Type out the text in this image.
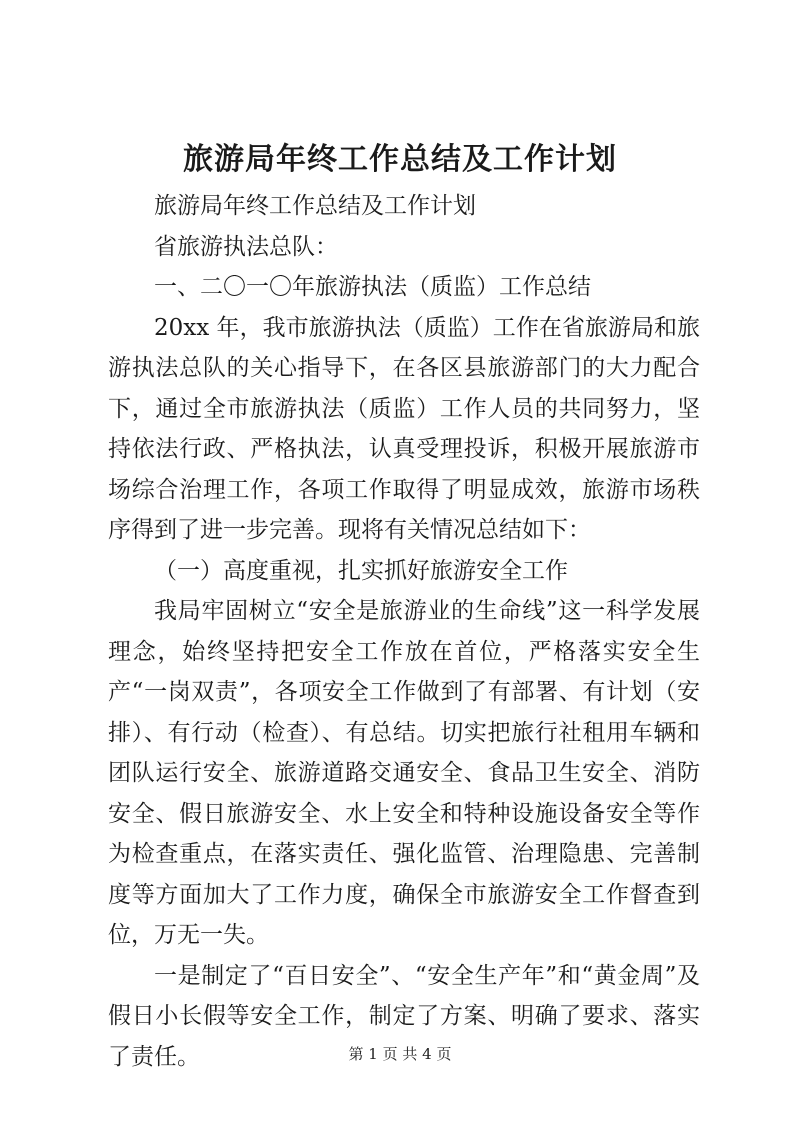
旅游局年终工作总结及工作计划

旅游局年终工作总结及工作计划

省旅游执法总队：

一、二〇一〇年旅游执法（质监）工作总结

20xx 年，我市旅游执法（质监）工作在省旅游局和旅游执法总队的关心指导下，在各区县旅游部门的大力配合下，通过全市旅游执法（质监）工作人员的共同努力，坚持依法行政、严格执法，认真受理投诉，积极开展旅游市场综合治理工作，各项工作取得了明显成效，旅游市场秩序得到了进一步完善。现将有关情况总结如下：

（一）高度重视，扎实抓好旅游安全工作

我局牢固树立“安全是旅游业的生命线”这一科学发展理念，始终坚持把安全工作放在首位，严格落实安全生产“一岗双责”，各项安全工作做到了有部署、有计划（安排）、有行动（检查）、有总结。切实把旅行社租用车辆和团队运行安全、旅游道路交通安全、食品卫生安全、消防安全、假日旅游安全、水上安全和特种设施设备安全等作为检查重点，在落实责任、强化监管、治理隐患、完善制度等方面加大了工作力度，确保全市旅游安全工作督查到位，万无一失。

一是制定了“百日安全”、“安全生产年”和“黄金周”及假日小长假等安全工作，制定了方案、明确了要求、落实了责任。	第 1 页 共 4 页
